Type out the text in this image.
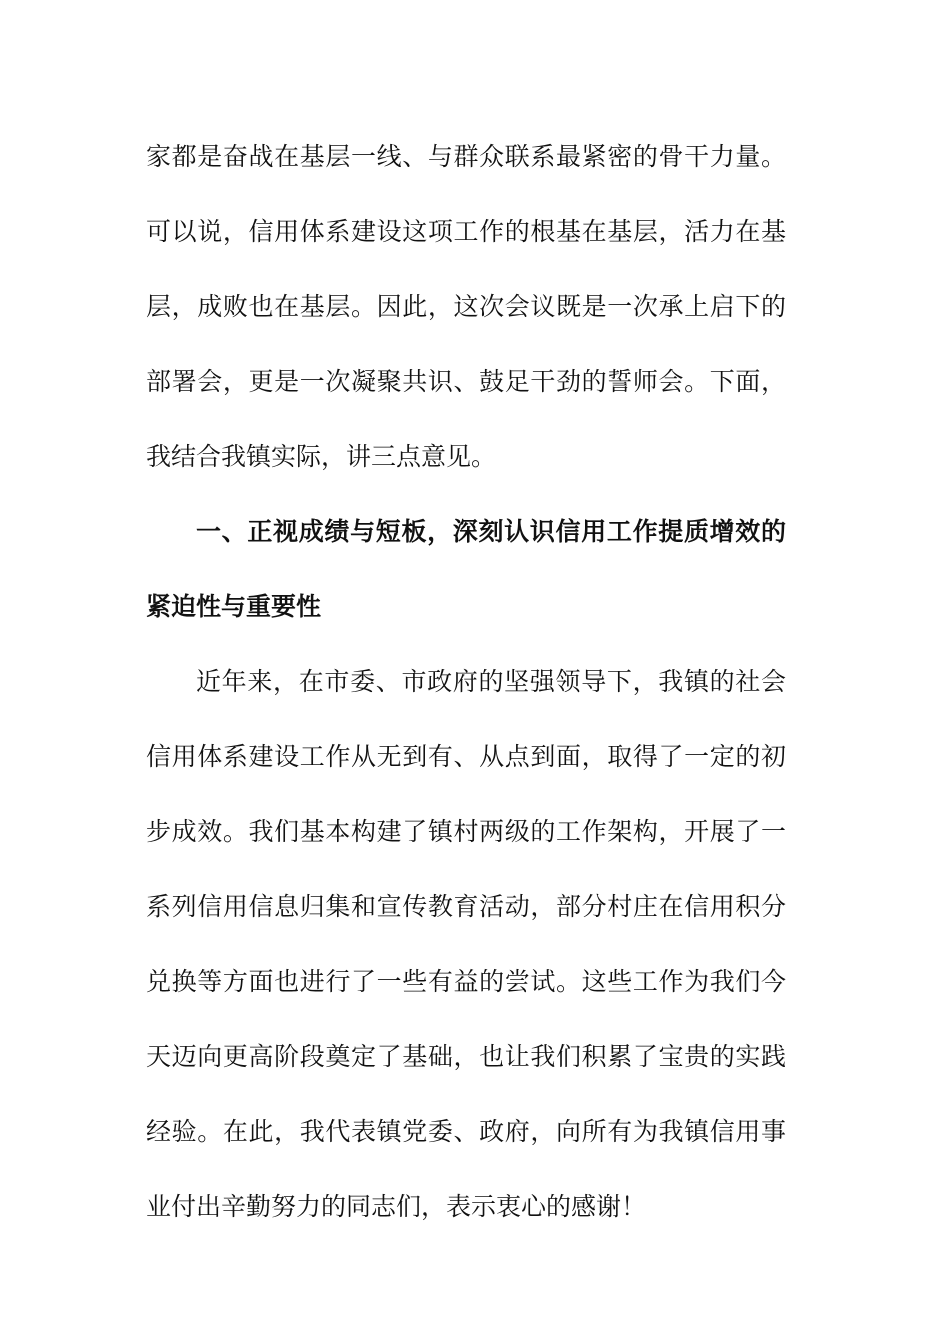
家都是奋战在基层一线、与群众联系最紧密的骨干力量。
可以说，信用体系建设这项工作的根基在基层，活力在基
层，成败也在基层。因此，这次会议既是一次承上启下的
部署会，更是一次凝聚共识、鼓足干劲的誓师会。下面，
我结合我镇实际，讲三点意见。
一、正视成绩与短板，深刻认识信用工作提质增效的
紧迫性与重要性
近年来，在市委、市政府的坚强领导下，我镇的社会
信用体系建设工作从无到有、从点到面，取得了一定的初
步成效。我们基本构建了镇村两级的工作架构，开展了一
系列信用信息归集和宣传教育活动，部分村庄在信用积分
兑换等方面也进行了一些有益的尝试。这些工作为我们今
天迈向更高阶段奠定了基础，也让我们积累了宝贵的实践
经验。在此，我代表镇党委、政府，向所有为我镇信用事
业付出辛勤努力的同志们，表示衷心的感谢！
